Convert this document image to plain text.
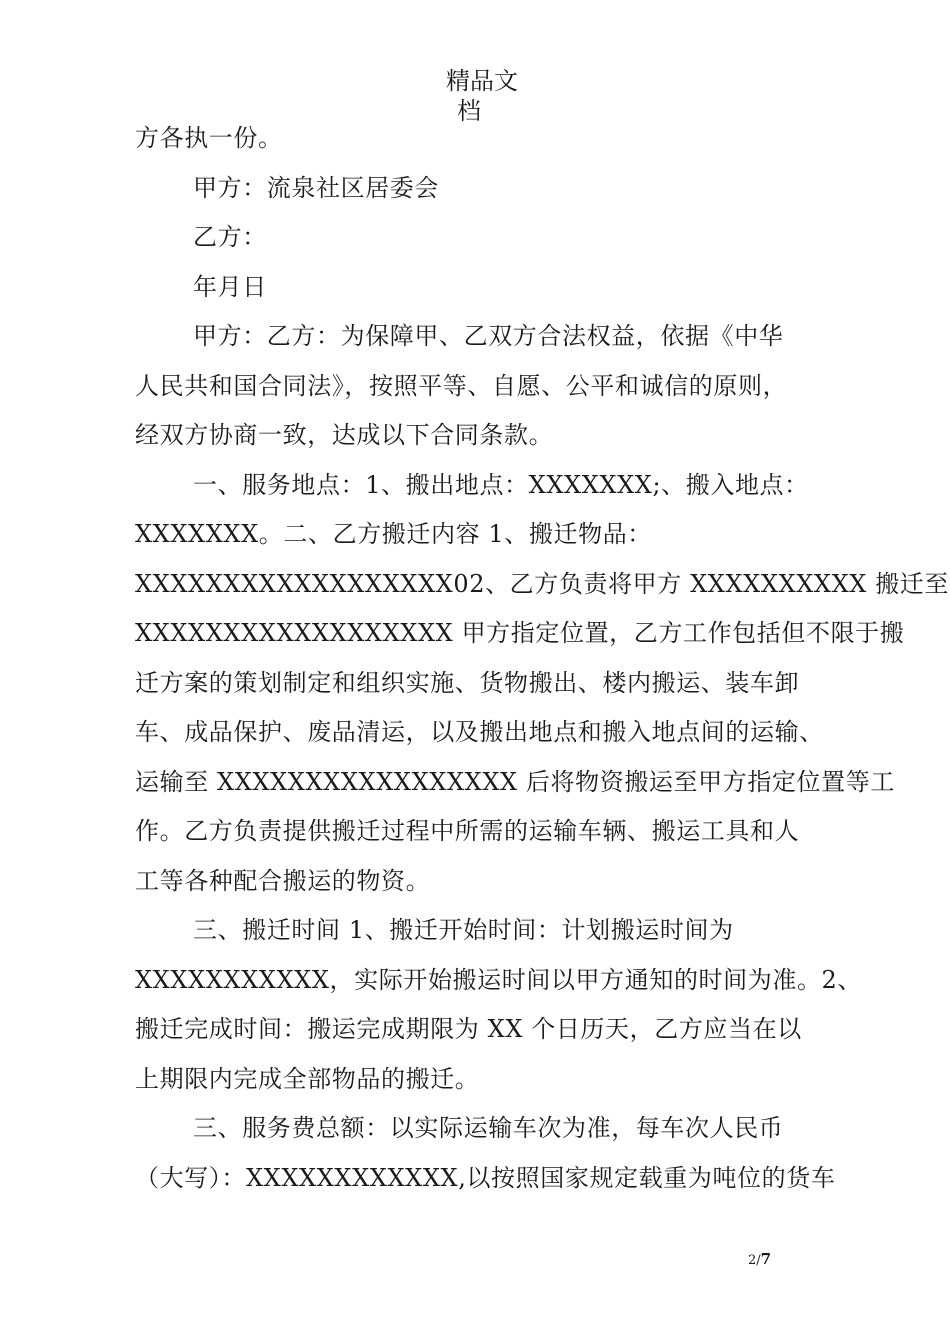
精品文
档
方各执一份。
甲方：流泉社区居委会
乙方：
年月日
甲方：乙方：为保障甲、乙双方合法权益，依据《中华
人民共和国合同法》，按照平等、自愿、公平和诚信的原则，
经双方协商一致，达成以下合同条款。
一、服务地点：1、搬出地点：XXXXXXX;、搬入地点：
XXXXXXX。二、乙方搬迁内容 1、搬迁物品：
XXXXXXXXXXXXXXXXXX02、乙方负责将甲方 XXXXXXXXXX 搬迁至
XXXXXXXXXXXXXXXXXX 甲方指定位置，乙方工作包括但不限于搬
迁方案的策划制定和组织实施、货物搬出、楼内搬运、装车卸
车、成品保护、废品清运，以及搬出地点和搬入地点间的运输、
运输至 XXXXXXXXXXXXXXXXX 后将物资搬运至甲方指定位置等工
作。乙方负责提供搬迁过程中所需的运输车辆、搬运工具和人
工等各种配合搬运的物资。
三、搬迁时间 1、搬迁开始时间：计划搬运时间为
XXXXXXXXXXX，实际开始搬运时间以甲方通知的时间为准。2、
搬迁完成时间：搬运完成期限为 XX 个日历天，乙方应当在以
上期限内完成全部物品的搬迁。
三、服务费总额：以实际运输车次为准，每车次人民币
（大写）：XXXXXXXXXXXX,以按照国家规定载重为吨位的货车
2/7
